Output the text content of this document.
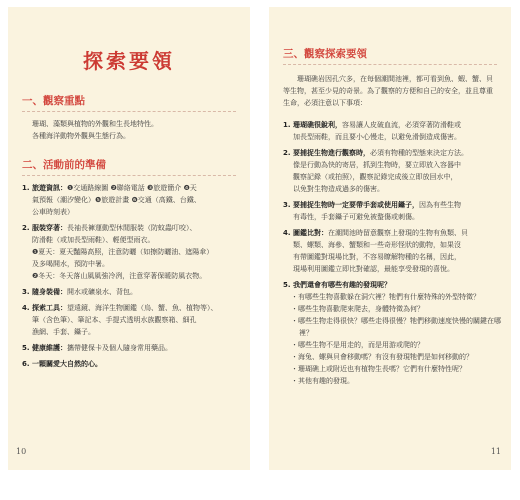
探索要領
一、觀察重點
珊瑚、藻類與植物的外觀和生長地特性。
各種海洋動物外觀與生態行為。
二、活動前的準備
1. 旅遊資訊：❶交通路線圖 ❷聯絡電話 ❸旅遊簡介 ❹天
氣預報（潮汐變化）❺旅遊計畫 ❻交通（高鐵、台鐵、
公車時刻表）
2. 服裝穿著：長袖長褲運動型休閒服裝（防蚊蟲叮咬）、
防滑鞋（或加長型雨鞋）、輕便型雨衣。
❶夏天：夏天豔陽高照，注意防曬（如擦防曬油、遮陽傘）
及多喝開水，預防中暑。
❷冬天：冬天落山風風強冷冽，注意穿著保暖防風衣物。
3. 隨身裝備：開水或礦泉水、背包。
4. 探索工具：望遠鏡、海洋生物圖鑑（烏、蟹、魚、植物等）、
筆（含色筆）、筆記本、手提式透明水族觀察箱、細孔
漁網、手套、鑷子。
5. 健康維護：攜帶健保卡及個人隨身常用藥品。
6. 一顆關愛大自然的心。
10
三、觀察探索要領
珊瑚礁岩因孔穴多，在每個潮間池裡，都可看到魚、蝦、蟹、貝等生物，甚至少見的奇景。為了觀察的方便和自己的安全，並且尊重生命，必須注意以下事項：
1. 珊瑚礁很銳利，容易讓人皮破血流，必須穿著防滑鞋或
加長型雨鞋，而且要小心慢走，以避免滑倒造成傷害。
2. 要捕捉生物進行觀察時，必須有物種的型態來決定方法。
像是行動為快的寄居，抓到生物時，要立即放入容器中
觀察記錄（或拍照），觀察記錄完成後立即放回水中，
以免對生物造成過多的傷害。
3. 要捕捉生物時一定要帶手套或使用鑷子，因為有些生物
有毒性，手套鑷子可避免被螯傷或刺傷。
4. 圖鑑比對：在潮間池時留意觀察上發現的生物有魚類、貝
類、螺類、海參、蟹類和一些奇形怪狀的動物，如果沒
有帶圖鑑對現場比對，不容易瞭解物種的名稱，因此，
現場利用圖鑑立即比對確認，最能享受發現的喜悅。
5. 我們還會有哪些有趣的發現呢？
・有哪些生物喜歡躲在洞穴裡？牠們有什麼特殊的外型特徵？
・哪些生物喜歡爬來爬去，身體特徵為何？
・哪些生物走得很快？哪些走得很慢？牠們移動速度快慢的關鍵在哪裡？
・哪些生物不是用走的，而是用游或爬的？
・海兔、螺與貝會移動嗎？有沒有發現牠們是如何移動的？
・珊瑚礁上或附近也有植物生長嗎？它們有什麼特性呢？
・其他有趣的發現。
11
